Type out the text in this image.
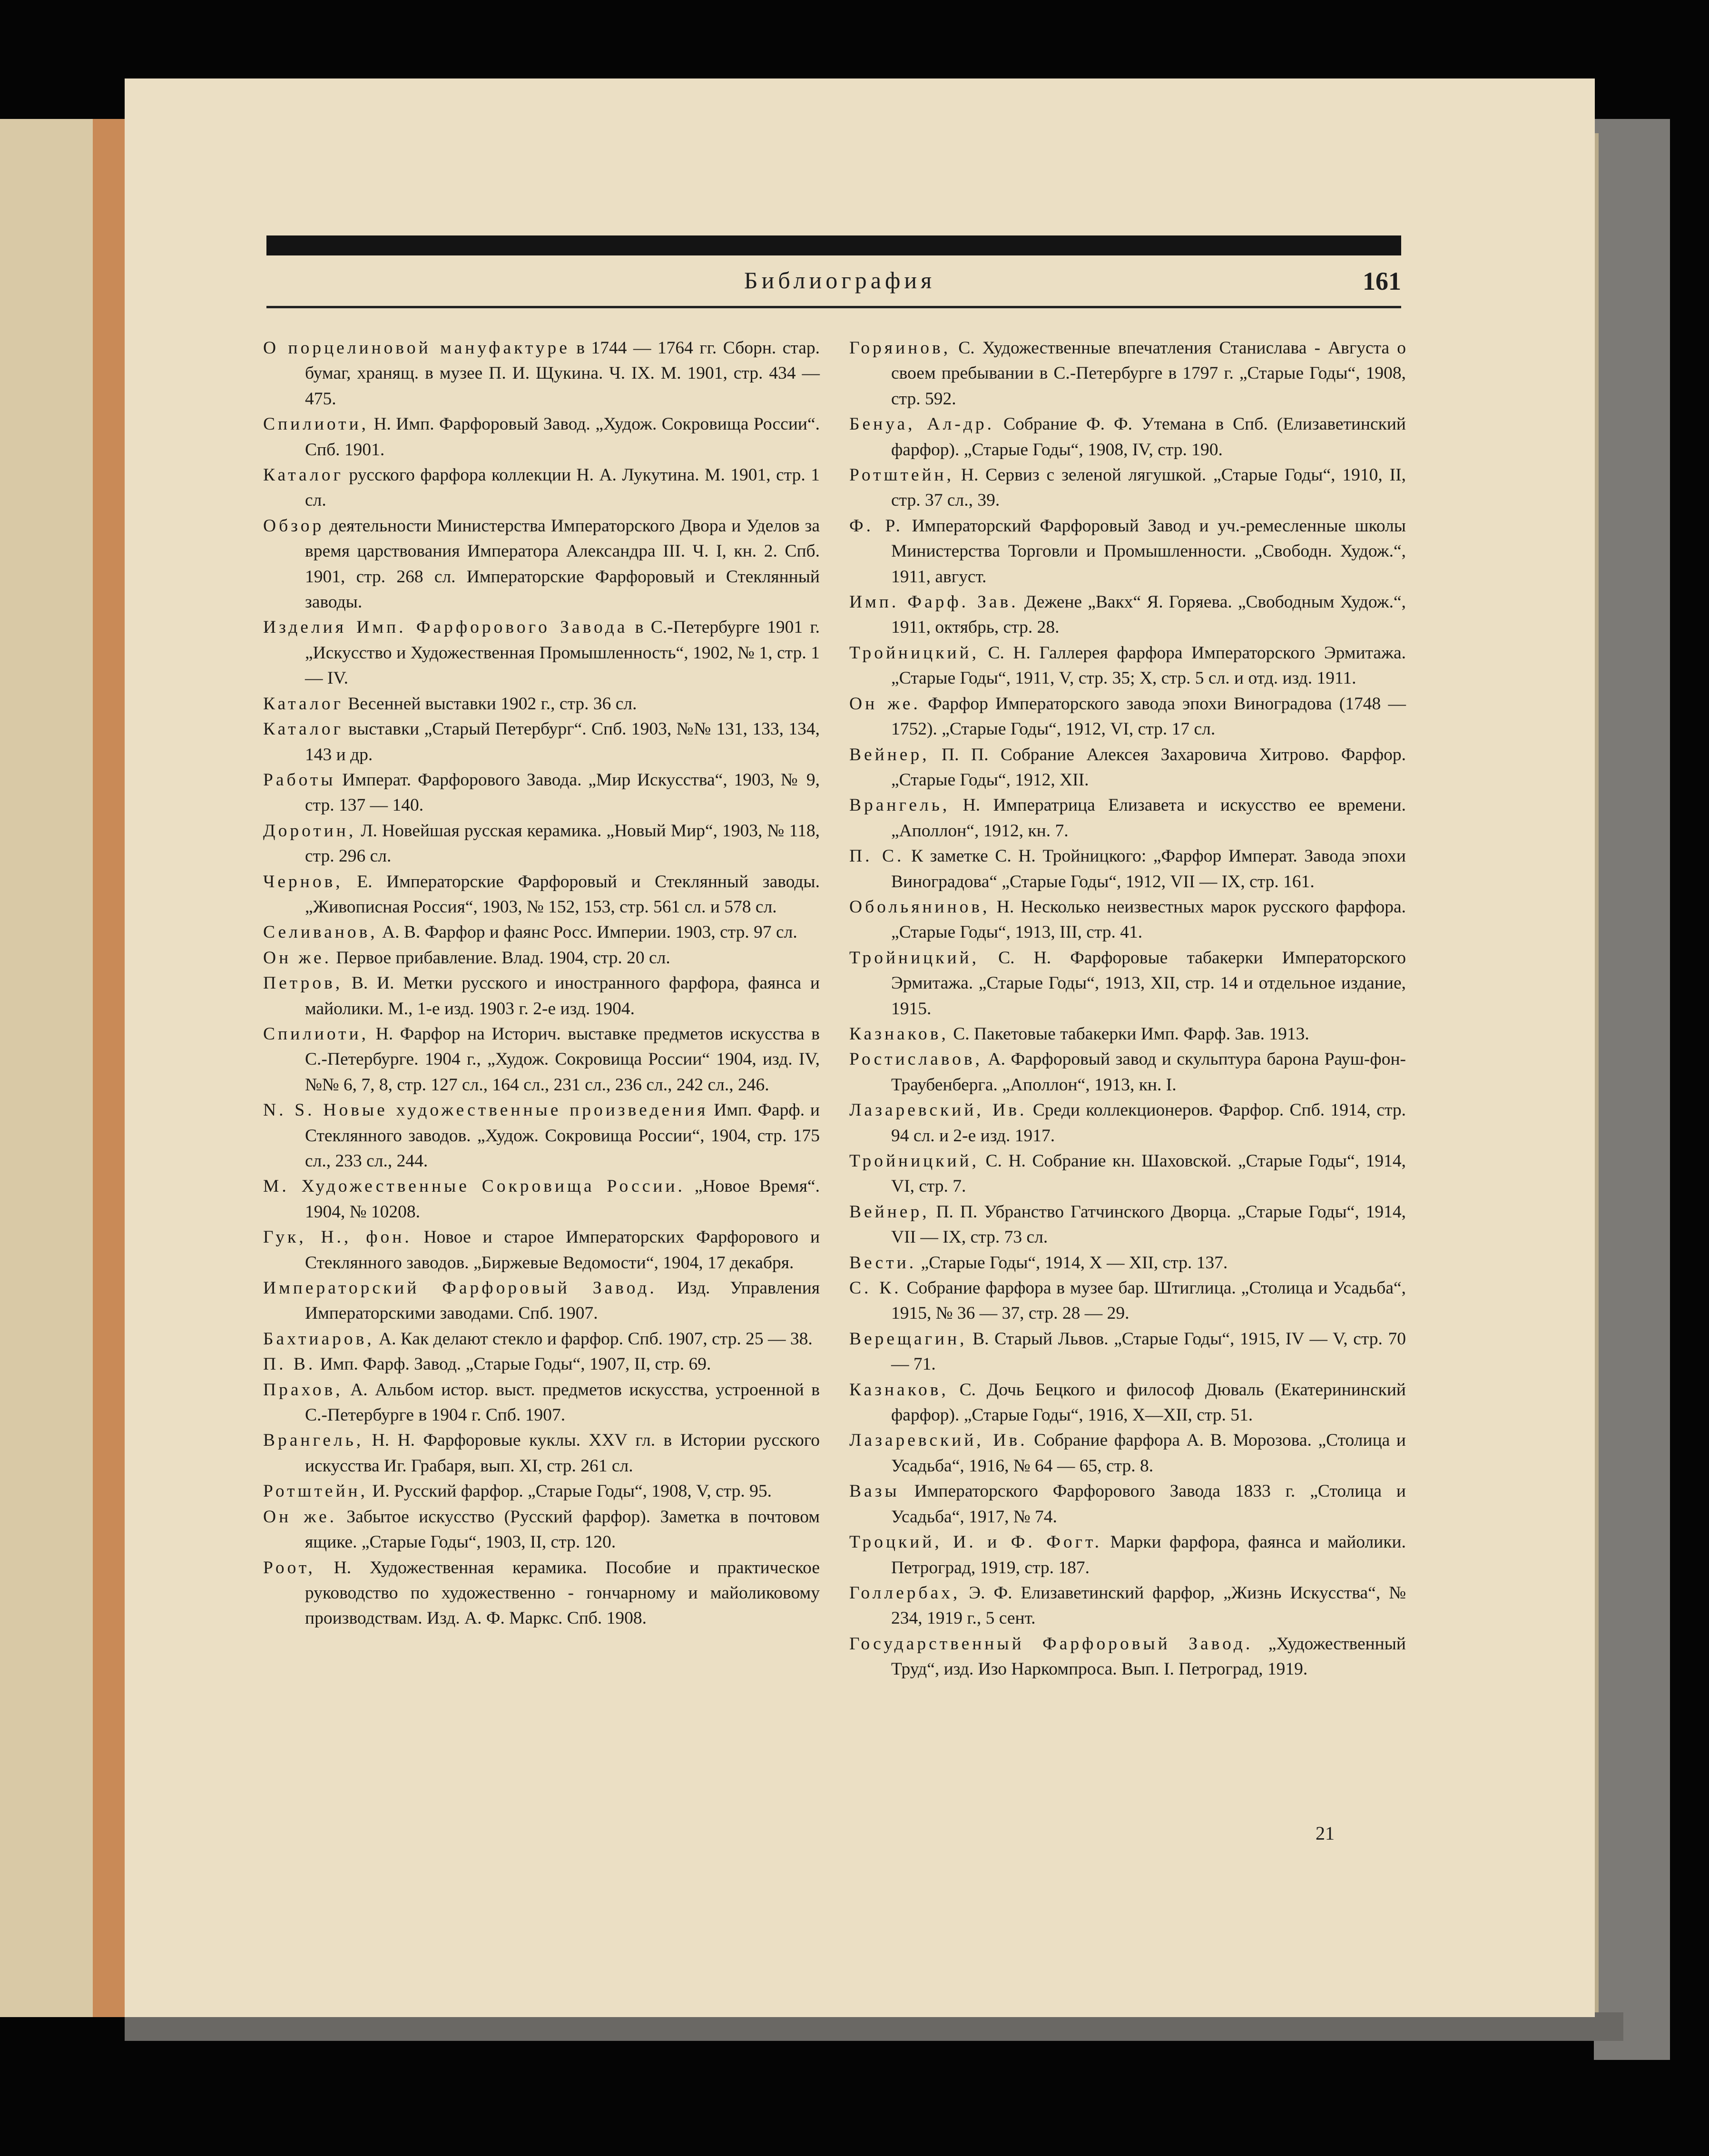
Библиография	161

О порцелиновой мануфактуре в 1744 — 1764 гг. Сборн. стар. бумаг, хранящ. в музее П. И. Щукина. Ч. IX. М. 1901, стр. 434 — 475.

Спилиоти, Н. Имп. Фарфоровый Завод. „Худож. Сокровища России“. Спб. 1901.

Каталог русского фарфора коллекции Н. А. Лукутина. М. 1901, стр. 1 сл.

Обзор деятельности Министерства Императорского Двора и Уделов за время царствования Императора Александра III. Ч. I, кн. 2. Спб. 1901, стр. 268 сл. Императорские Фарфоровый и Стеклянный заводы.

Изделия Имп. Фарфорового Завода в С.-Петербурге 1901 г. „Искусство и Художественная Промышленность“, 1902, № 1, стр. 1 — IV.

Каталог Весенней выставки 1902 г., стр. 36 сл.

Каталог выставки „Старый Петербург“. Спб. 1903, №№ 131, 133, 134, 143 и др.

Работы Императ. Фарфорового Завода. „Мир Искусства“, 1903, № 9, стр. 137 — 140.

Доротин, Л. Новейшая русская керамика. „Новый Мир“, 1903, № 118, стр. 296 сл.

Чернов, Е. Императорские Фарфоровый и Стеклянный заводы. „Живописная Россия“, 1903, № 152, 153, стр. 561 сл. и 578 сл.

Селиванов, А. В. Фарфор и фаянс Росс. Империи. 1903, стр. 97 сл.

Он же. Первое прибавление. Влад. 1904, стр. 20 сл.

Петров, В. И. Метки русского и иностранного фарфора, фаянса и майолики. М., 1-е изд. 1903 г. 2-е изд. 1904.

Спилиоти, Н. Фарфор на Историч. выставке предметов искусства в С.-Петербурге. 1904 г., „Худож. Сокровища России“ 1904, изд. IV, №№ 6, 7, 8, стр. 127 сл., 164 сл., 231 сл., 236 сл., 242 сл., 246.

N. S. Новые художественные произведения Имп. Фарф. и Стеклянного заводов. „Худож. Сокровища России“, 1904, стр. 175 сл., 233 сл., 244.

М. Художественные Сокровища России. „Новое Время“. 1904, № 10208.

Гук, Н., фон. Новое и старое Императорских Фарфорового и Стеклянного заводов. „Биржевые Ведомости“, 1904, 17 декабря.

Императорский Фарфоровый Завод. Изд. Управления Императорскими заводами. Спб. 1907.

Бахтиаров, А. Как делают стекло и фарфор. Спб. 1907, стр. 25 — 38.

П. В. Имп. Фарф. Завод. „Старые Годы“, 1907, II, стр. 69.

Прахов, А. Альбом истор. выст. предметов искусства, устроенной в С.-Петербурге в 1904 г. Спб. 1907.

Врангель, Н. Н. Фарфоровые куклы. XXV гл. в Истории русского искусства Иг. Грабаря, вып. XI, стр. 261 сл.

Ротштейн, И. Русский фарфор. „Старые Годы“, 1908, V, стр. 95.

Он же. Забытое искусство (Русский фарфор). Заметка в почтовом ящике. „Старые Годы“, 1903, II, стр. 120.

Роот, Н. Художественная керамика. Пособие и практическое руководство по художественно - гончарному и майоликовому производствам. Изд. А. Ф. Маркс. Спб. 1908.

Горяинов, С. Художественные впечатления Станислава - Августа о своем пребывании в С.-Петербурге в 1797 г. „Старые Годы“, 1908, стр. 592.

Бенуа, Ал-др. Собрание Ф. Ф. Утемана в Спб. (Елизаветинский фарфор). „Старые Годы“, 1908, IV, стр. 190.

Ротштейн, Н. Сервиз с зеленой лягушкой. „Старые Годы“, 1910, II, стр. 37 сл., 39.

Ф. Р. Императорский Фарфоровый Завод и уч.-ремесленные школы Министерства Торговли и Промышленности. „Свободн. Худож.“, 1911, август.

Имп. Фарф. Зав. Дежене „Вакх“ Я. Горяева. „Свободным Худож.“, 1911, октябрь, стр. 28.

Тройницкий, С. Н. Галлерея фарфора Императорского Эрмитажа. „Старые Годы“, 1911, V, стр. 35; Х, стр. 5 сл. и отд. изд. 1911.

Он же. Фарфор Императорского завода эпохи Виноградова (1748 — 1752). „Старые Годы“, 1912, VI, стр. 17 сл.

Вейнер, П. П. Собрание Алексея Захаровича Хитрово. Фарфор. „Старые Годы“, 1912, XII.

Врангель, Н. Императрица Елизавета и искусство ее времени. „Аполлон“, 1912, кн. 7.

П. С. К заметке С. Н. Тройницкого: „Фарфор Императ. Завода эпохи Виноградова“ „Старые Годы“, 1912, VII — IX, стр. 161.

Обольянинов, Н. Несколько неизвестных марок русского фарфора. „Старые Годы“, 1913, III, стр. 41.

Тройницкий, С. Н. Фарфоровые табакерки Императорского Эрмитажа. „Старые Годы“, 1913, XII, стр. 14 и отдельное издание, 1915.

Казнаков, С. Пакетовые табакерки Имп. Фарф. Зав. 1913.

Ростиславов, А. Фарфоровый завод и скульптура барона Рауш-фон-Траубенберга. „Аполлон“, 1913, кн. I.

Лазаревский, Ив. Среди коллекционеров. Фарфор. Спб. 1914, стр. 94 сл. и 2-е изд. 1917.

Тройницкий, С. Н. Собрание кн. Шаховской. „Старые Годы“, 1914, VI, стр. 7.

Вейнер, П. П. Убранство Гатчинского Дворца. „Старые Годы“, 1914, VII — IX, стр. 73 сл.

Вести. „Старые Годы“, 1914, Х — XII, стр. 137.

С. К. Собрание фарфора в музее бар. Штиглица. „Столица и Усадьба“, 1915, № 36 — 37, стр. 28 — 29.

Верещагин, В. Старый Львов. „Старые Годы“, 1915, IV — V, стр. 70 — 71.

Казнаков, С. Дочь Бецкого и философ Дюваль (Екатерининский фарфор). „Старые Годы“, 1916, Х—XII, стр. 51.

Лазаревский, Ив. Собрание фарфора А. В. Морозова. „Столица и Усадьба“, 1916, № 64 — 65, стр. 8.

Вазы Императорского Фарфорового Завода 1833 г. „Столица и Усадьба“, 1917, № 74.

Троцкий, И. и Ф. Фогт. Марки фарфора, фаянса и майолики. Петроград, 1919, стр. 187.

Голлербах, Э. Ф. Елизаветинский фарфор, „Жизнь Искусства“, № 234, 1919 г., 5 сент.

Государственный Фарфоровый Завод. „Художественный Труд“, изд. Изо Наркомпроса. Вып. I. Петроград, 1919.

21
